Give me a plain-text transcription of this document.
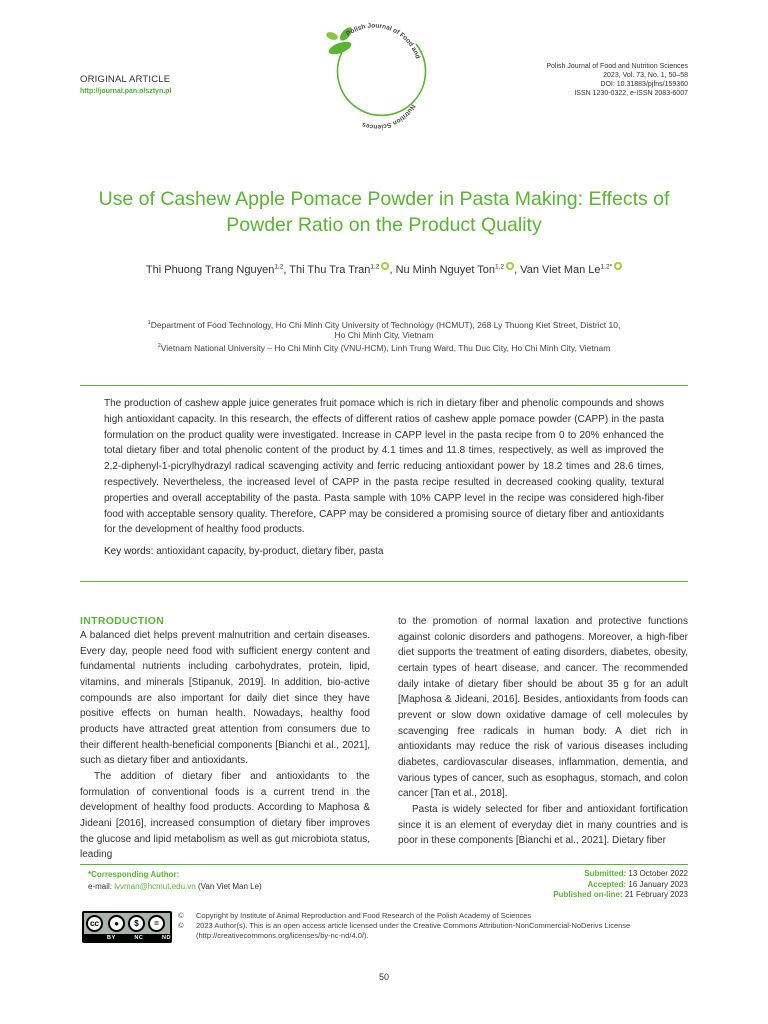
ORIGINAL ARTICLE
http://journal.pan.olsztyn.pl
Polish Journal of Food and
Nutrition Sciences
Polish Journal of Food and Nutrition Sciences
2023, Vol. 73, No. 1, 50–58
DOI: 10.31883/pjfns/159360
ISSN 1230-0322, e-ISSN 2083-6007
Use of Cashew Apple Pomace Powder in Pasta Making: Effects of Powder Ratio on the Product Quality
Thi Phuong Trang Nguyen$^{1,2}$, Thi Thu Tra Tran$^{1,2}$ , Nu Minh Nguyet Ton$^{1,2}$ , Van Viet Man $Le^{1,2*}$
$^1$Department of Food Technology, Ho Chi Minh City University of Technology (HCMUT), 268 Ly Thuong Kiet Street, District 10,
Ho Chi Minh City, Vietnam
$^2$Vietnam National University – Ho Chi Minh City (VNU-HCM), Linh Trung Ward, Thu Duc City, Ho Chi Minh City, Vietnam
The production of cashew apple juice generates fruit pomace which is rich in dietary fiber and phenolic compounds and shows high antioxidant capacity. In this research, the effects of different ratios of cashew apple pomace powder (CAPP) in the pasta formulation on the product quality were investigated. Increase in CAPP level in the pasta recipe from 0 to 20% enhanced the total dietary fiber and total phenolic content of the product by 4.1 times and 11.8 times, respectively, as well as improved the 2,2-diphenyl-1-picrylhydrazyl radical scavenging activity and ferric reducing antioxidant power by 18.2 times and 28.6 times, respectively. Nevertheless, the increased level of CAPP in the pasta recipe resulted in decreased cooking quality, textural properties and overall acceptability of the pasta. Pasta sample with 10% CAPP level in the recipe was considered high-fiber food with acceptable sensory quality. Therefore, CAPP may be considered a promising source of dietary fiber and antioxidants for the development of healthy food products.
Key words: antioxidant capacity, by-product, dietary fiber, pasta
INTRODUCTION

A balanced diet helps prevent malnutrition and certain diseases. Every day, people need food with sufficient energy content and fundamental nutrients including carbohydrates, protein, lipid, vitamins, and minerals [Stipanuk, 2019]. In addition, bio-active compounds are also important for daily diet since they have positive effects on human health. Nowadays, healthy food products have attracted great attention from consumers due to their different health-beneficial components [Bianchi et al., 2021], such as dietary fiber and antioxidants.

The addition of dietary fiber and antioxidants to the formulation of conventional foods is a current trend in the development of healthy food products. According to Maphosa & Jideani [2016], increased consumption of dietary fiber improves the glucose and lipid metabolism as well as gut microbiota status, leading

to the promotion of normal laxation and protective functions against colonic disorders and pathogens. Moreover, a high-fiber diet supports the treatment of eating disorders, diabetes, obesity, certain types of heart disease, and cancer. The recommended daily intake of dietary fiber should be about 35 g for an adult [Maphosa & Jideani, 2016]. Besides, antioxidants from foods can prevent or slow down oxidative damage of cell molecules by scavenging free radicals in human body. A diet rich in antioxidants may reduce the risk of various diseases including diabetes, cardiovascular diseases, inflammation, dementia, and various types of cancer, such as esophagus, stomach, and colon cancer [Tan et al., 2018].

Pasta is widely selected for fiber and antioxidant fortification since it is an element of everyday diet in many countries and is poor in these components [Bianchi et al., 2021]. Dietary fiber

*Corresponding Author:
e-mail: lvvman@hcmut.edu.vn (Van Viet Man Le)
Submitted: 13 October 2022
Accepted: 16 January 2023
Published on-line: 21 February 2023
cc	●	$	=
BY	NC	ND
©	Copyright by Institute of Animal Reproduction and Food Research of the Polish Academy of Sciences
©	2023 Author(s). This is an open access article licensed under the Creative Commons Attribution-NonCommercial-NoDerivs License
(http://creativecommons.org/licenses/by-nc-nd/4.0/).
50
